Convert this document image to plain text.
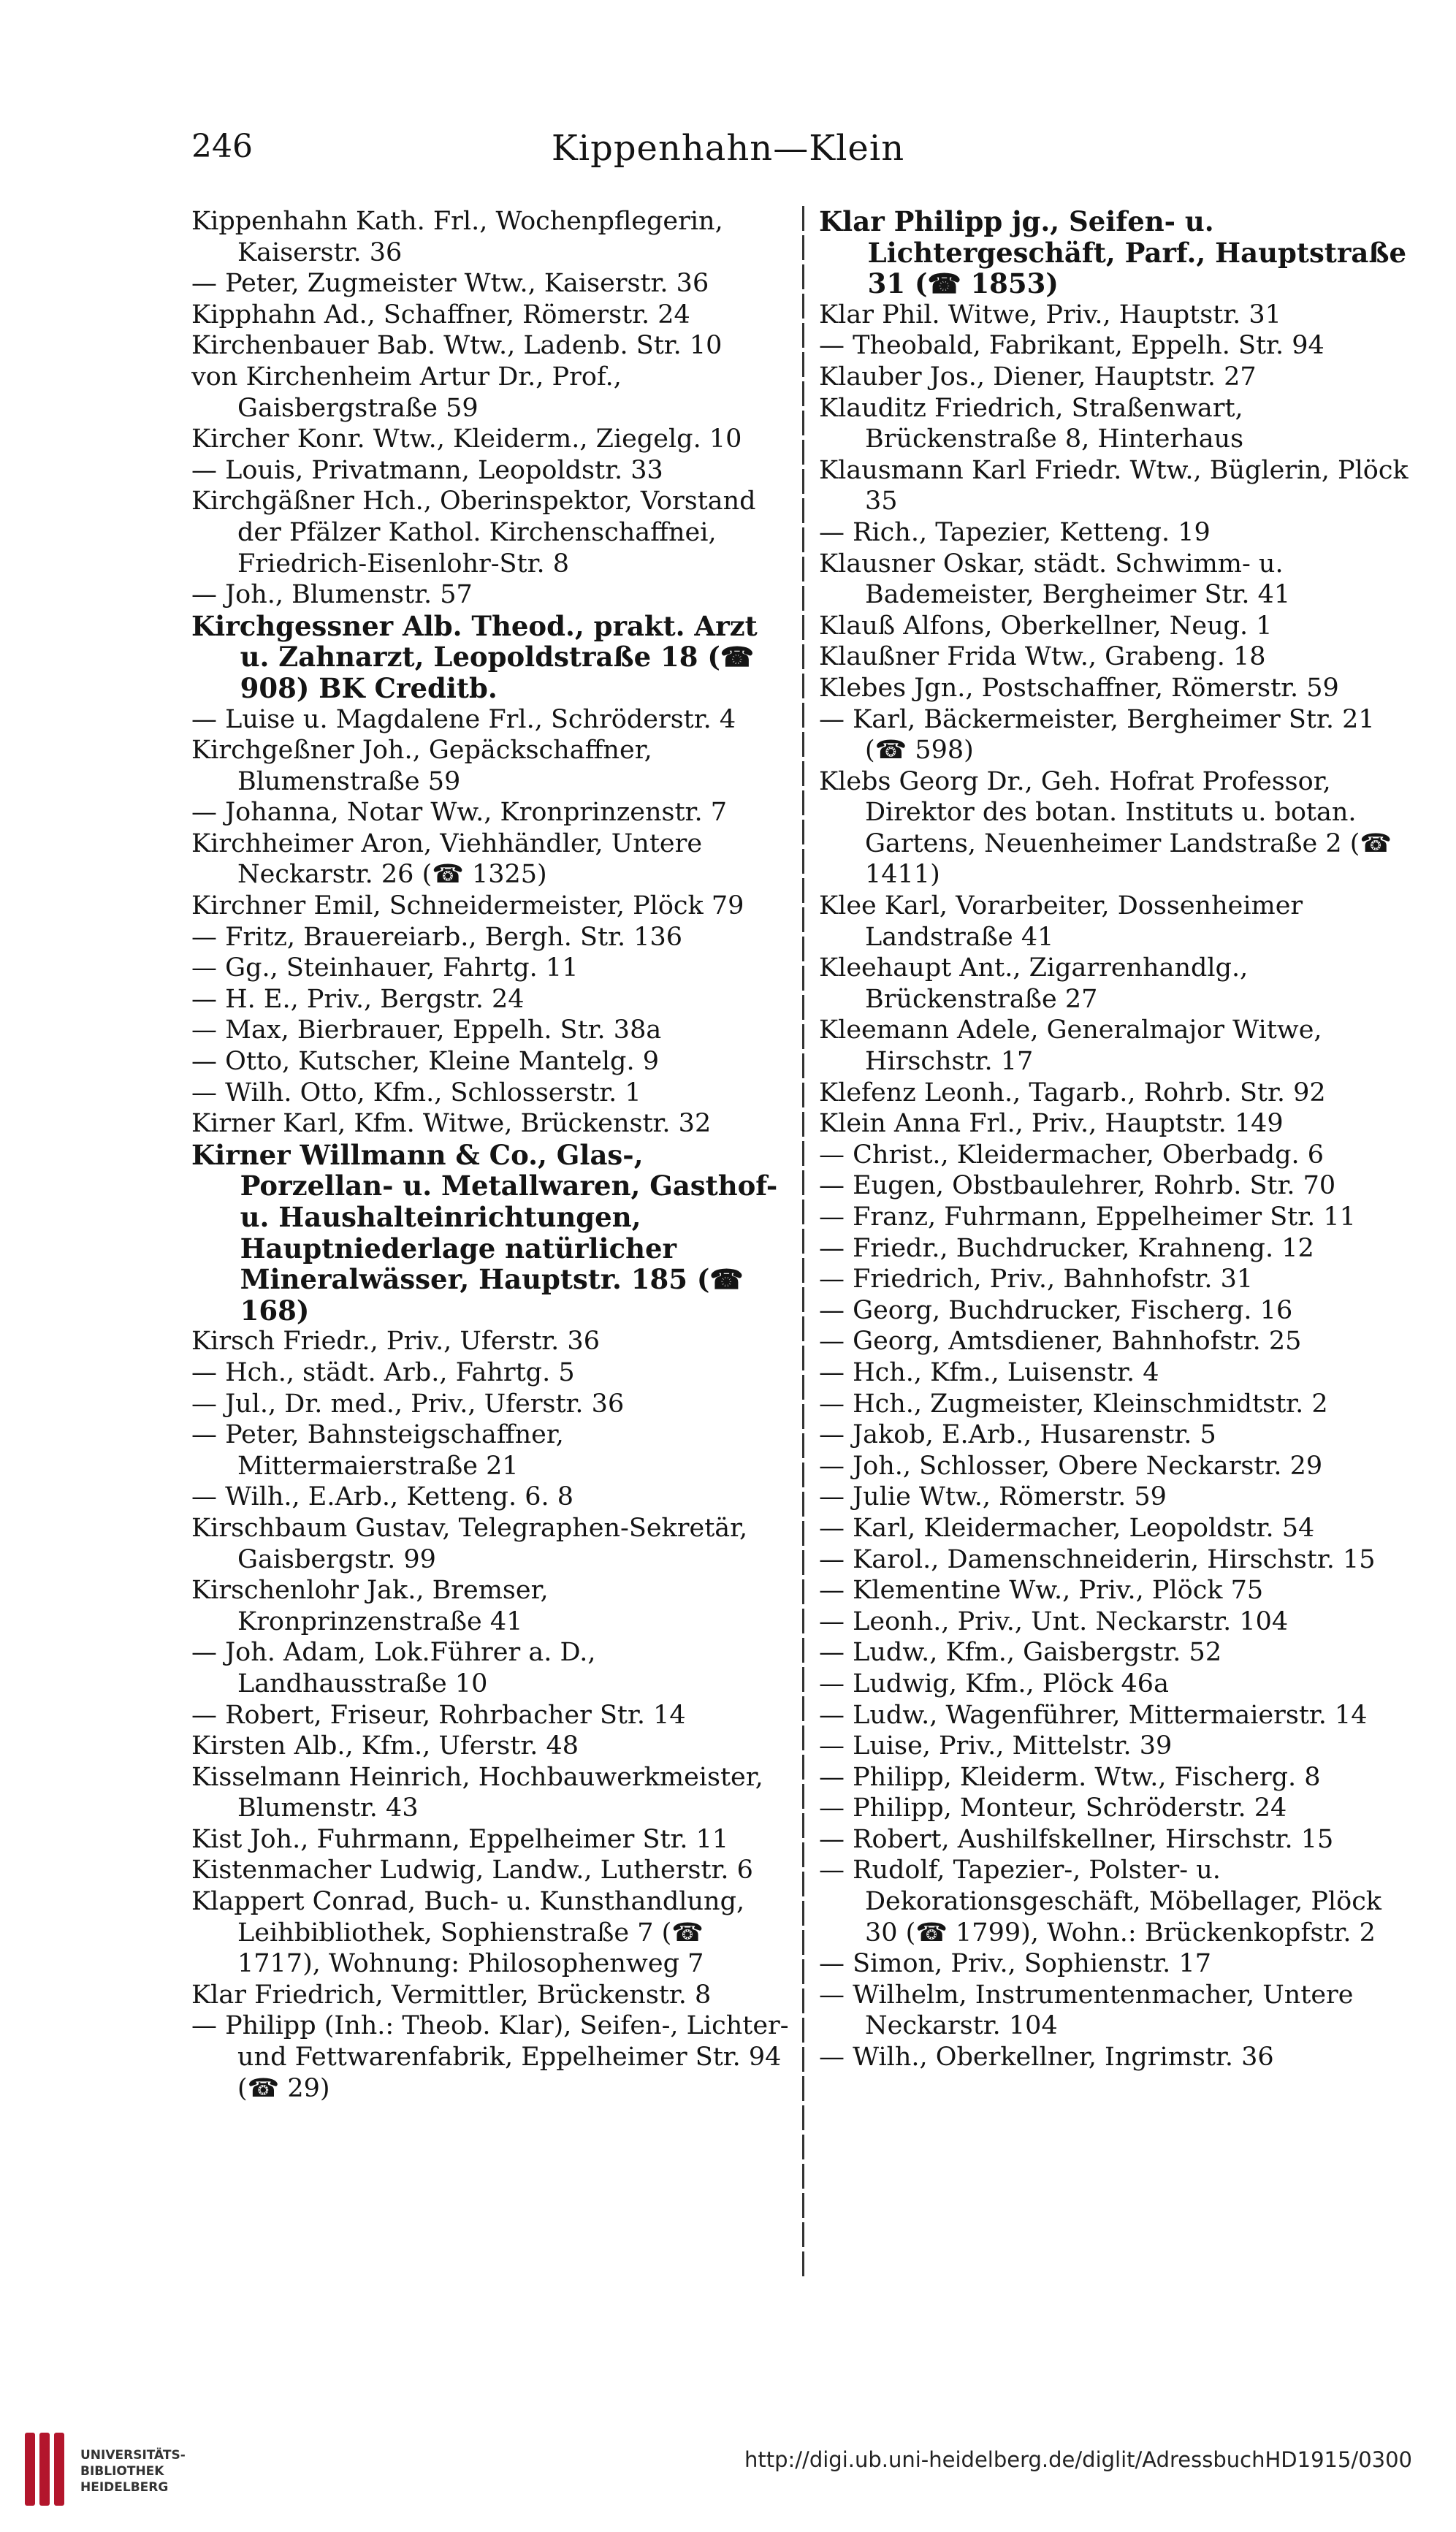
246	Kippenhahn—Klein

Kippenhahn Kath. Frl., Wochenpflegerin, Kaiserstr. 36

— Peter, Zugmeister Wtw., Kaiserstr. 36

Kipphahn Ad., Schaffner, Römerstr. 24

Kirchenbauer Bab. Wtw., Ladenb. Str. 10

von Kirchenheim Artur Dr., Prof., Gaisbergstraße 59

Kircher Konr. Wtw., Kleiderm., Ziegelg. 10

— Louis, Privatmann, Leopoldstr. 33

Kirchgäßner Hch., Oberinspektor, Vorstand der Pfälzer Kathol. Kirchenschaffnei, Friedrich-Eisenlohr-Str. 8

— Joh., Blumenstr. 57

Kirchgessner Alb. Theod., prakt. Arzt u. Zahnarzt, Leopoldstraße 18 (☎ 908) BK Creditb.

— Luise u. Magdalene Frl., Schröderstr. 4

Kirchgeßner Joh., Gepäckschaffner, Blumenstraße 59

— Johanna, Notar Ww., Kronprinzenstr. 7

Kirchheimer Aron, Viehhändler, Untere Neckarstr. 26 (☎ 1325)

Kirchner Emil, Schneidermeister, Plöck 79

— Fritz, Brauereiarb., Bergh. Str. 136

— Gg., Steinhauer, Fahrtg. 11

— H. E., Priv., Bergstr. 24

— Max, Bierbrauer, Eppelh. Str. 38a

— Otto, Kutscher, Kleine Mantelg. 9

— Wilh. Otto, Kfm., Schlosserstr. 1

Kirner Karl, Kfm. Witwe, Brückenstr. 32

Kirner Willmann & Co., Glas-, Porzellan- u. Metallwaren, Gasthof- u. Haushalteinrichtungen, Hauptniederlage natürlicher Mineralwässer, Hauptstr. 185 (☎ 168)

Kirsch Friedr., Priv., Uferstr. 36

— Hch., städt. Arb., Fahrtg. 5

— Jul., Dr. med., Priv., Uferstr. 36

— Peter, Bahnsteigschaffner, Mittermaierstraße 21

— Wilh., E.Arb., Ketteng. 6. 8

Kirschbaum Gustav, Telegraphen-Sekretär, Gaisbergstr. 99

Kirschenlohr Jak., Bremser, Kronprinzenstraße 41

— Joh. Adam, Lok.Führer a. D., Landhausstraße 10

— Robert, Friseur, Rohrbacher Str. 14

Kirsten Alb., Kfm., Uferstr. 48

Kisselmann Heinrich, Hochbauwerkmeister, Blumenstr. 43

Kist Joh., Fuhrmann, Eppelheimer Str. 11

Kistenmacher Ludwig, Landw., Lutherstr. 6

Klappert Conrad, Buch- u. Kunsthandlung, Leihbibliothek, Sophienstraße 7 (☎ 1717), Wohnung: Philosophenweg 7

Klar Friedrich, Vermittler, Brückenstr. 8

— Philipp (Inh.: Theob. Klar), Seifen-, Lichter- und Fettwarenfabrik, Eppelheimer Str. 94 (☎ 29)

Klar Philipp jg., Seifen- u. Lichtergeschäft, Parf., Hauptstraße 31 (☎ 1853)

Klar Phil. Witwe, Priv., Hauptstr. 31

— Theobald, Fabrikant, Eppelh. Str. 94

Klauber Jos., Diener, Hauptstr. 27

Klauditz Friedrich, Straßenwart, Brückenstraße 8, Hinterhaus

Klausmann Karl Friedr. Wtw., Büglerin, Plöck 35

— Rich., Tapezier, Ketteng. 19

Klausner Oskar, städt. Schwimm- u. Bademeister, Bergheimer Str. 41

Klauß Alfons, Oberkellner, Neug. 1

Klaußner Frida Wtw., Grabeng. 18

Klebes Jgn., Postschaffner, Römerstr. 59

— Karl, Bäckermeister, Bergheimer Str. 21 (☎ 598)

Klebs Georg Dr., Geh. Hofrat Professor, Direktor des botan. Instituts u. botan. Gartens, Neuenheimer Landstraße 2 (☎ 1411)

Klee Karl, Vorarbeiter, Dossenheimer Landstraße 41

Kleehaupt Ant., Zigarrenhandlg., Brückenstraße 27

Kleemann Adele, Generalmajor Witwe, Hirschstr. 17

Klefenz Leonh., Tagarb., Rohrb. Str. 92

Klein Anna Frl., Priv., Hauptstr. 149

— Christ., Kleidermacher, Oberbadg. 6

— Eugen, Obstbaulehrer, Rohrb. Str. 70

— Franz, Fuhrmann, Eppelheimer Str. 11

— Friedr., Buchdrucker, Krahneng. 12

— Friedrich, Priv., Bahnhofstr. 31

— Georg, Buchdrucker, Fischerg. 16

— Georg, Amtsdiener, Bahnhofstr. 25

— Hch., Kfm., Luisenstr. 4

— Hch., Zugmeister, Kleinschmidtstr. 2

— Jakob, E.Arb., Husarenstr. 5

— Joh., Schlosser, Obere Neckarstr. 29

— Julie Wtw., Römerstr. 59

— Karl, Kleidermacher, Leopoldstr. 54

— Karol., Damenschneiderin, Hirschstr. 15

— Klementine Ww., Priv., Plöck 75

— Leonh., Priv., Unt. Neckarstr. 104

— Ludw., Kfm., Gaisbergstr. 52

— Ludwig, Kfm., Plöck 46a

— Ludw., Wagenführer, Mittermaierstr. 14

— Luise, Priv., Mittelstr. 39

— Philipp, Kleiderm. Wtw., Fischerg. 8

— Philipp, Monteur, Schröderstr. 24

— Robert, Aushilfskellner, Hirschstr. 15

— Rudolf, Tapezier-, Polster- u. Dekorationsgeschäft, Möbellager, Plöck 30 (☎ 1799), Wohn.: Brückenkopfstr. 2

— Simon, Priv., Sophienstr. 17

— Wilhelm, Instrumentenmacher, Untere Neckarstr. 104

— Wilh., Oberkellner, Ingrimstr. 36

UNIVERSITÄTS-
BIBLIOTHEK
HEIDELBERG
http://digi.ub.uni-heidelberg.de/diglit/AdressbuchHD1915/0300
